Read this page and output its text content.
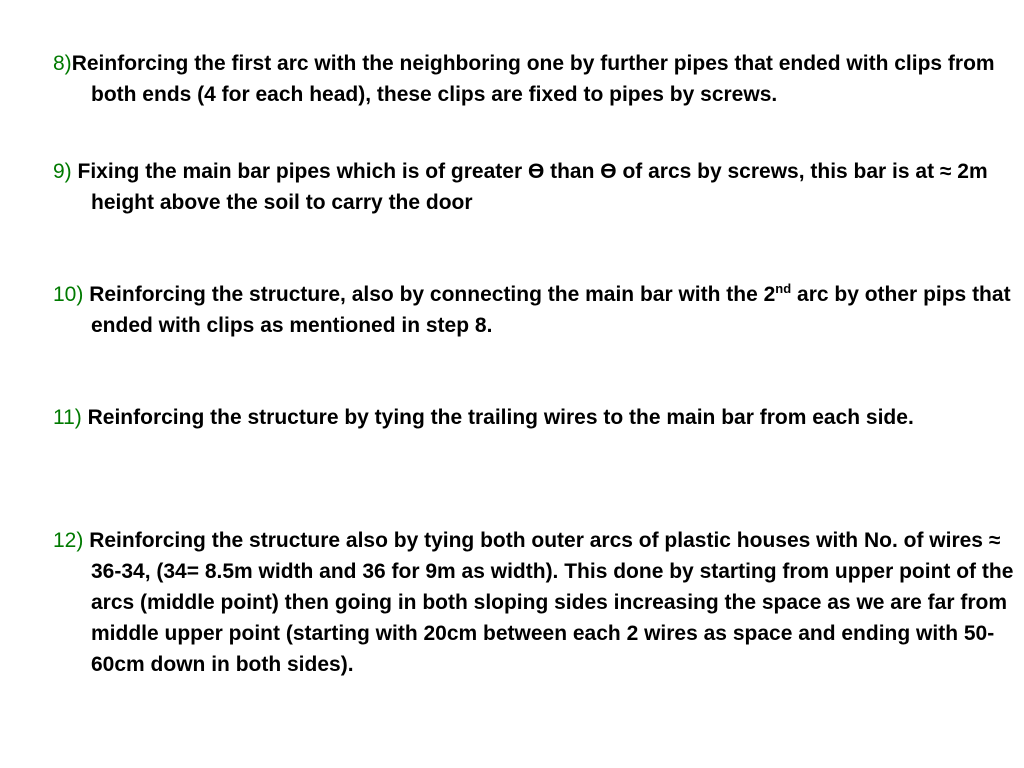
8)Reinforcing the first arc with the neighboring one by further pipes that ended with clips from both ends (4 for each head), these clips are fixed to pipes by screws.
9) Fixing the main bar pipes which is of greater Ɵ than Ɵ of arcs by screws, this bar is at ≈ 2m height above the soil to carry the door
10) Reinforcing the structure, also by connecting the main bar with the 2nd arc by other pips that ended with clips as mentioned in step 8.
11) Reinforcing the structure by tying the trailing wires to the main bar from each side.
12) Reinforcing the structure also by tying both outer arcs of plastic houses with No. of wires ≈ 36-34, (34= 8.5m width and 36 for 9m as width). This done by starting from upper point of the arcs (middle point) then going in both sloping sides increasing the space as we are far from middle upper point (starting with 20cm between each 2 wires as space and ending with 50-60cm down in both sides).
